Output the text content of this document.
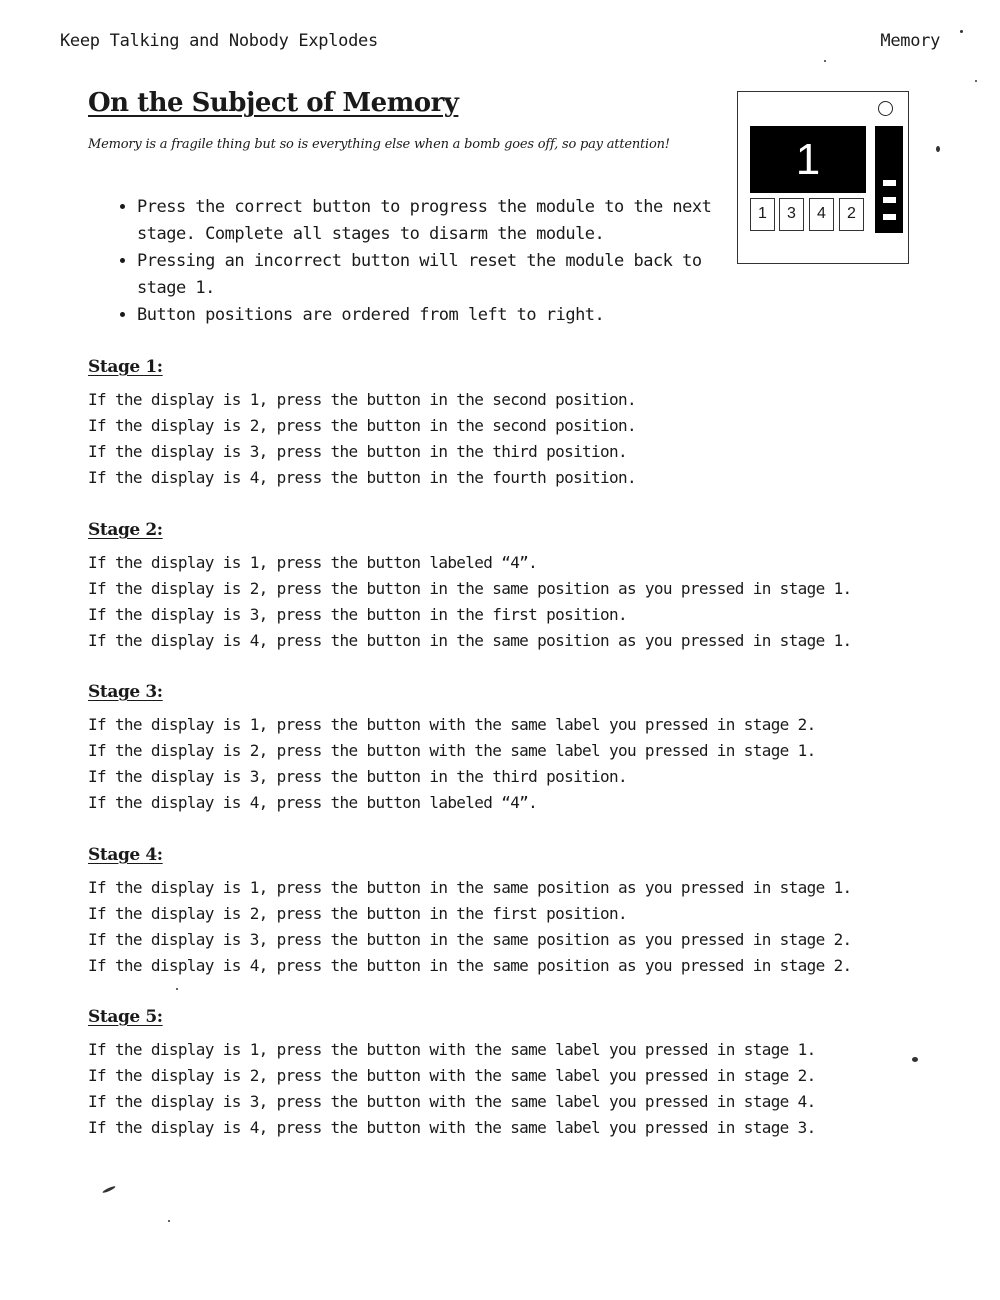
Keep Talking and Nobody Explodes	Memory
On the Subject of Memory

Memory is a fragile thing but so is everything else when a bomb goes off, so pay attention!

• Press the correct button to progress the module to the next stage. Complete all stages to disarm the module.
• Pressing an incorrect button will reset the module back to stage 1.
• Button positions are ordered from left to right.
1
1	3	4	2
Stage 1:
If the display is 1, press the button in the second position.
If the display is 2, press the button in the second position.
If the display is 3, press the button in the third position.
If the display is 4, press the button in the fourth position.
Stage 2:
If the display is 1, press the button labeled “4”.
If the display is 2, press the button in the same position as you pressed in stage 1.
If the display is 3, press the button in the first position.
If the display is 4, press the button in the same position as you pressed in stage 1.
Stage 3:
If the display is 1, press the button with the same label you pressed in stage 2.
If the display is 2, press the button with the same label you pressed in stage 1.
If the display is 3, press the button in the third position.
If the display is 4, press the button labeled “4”.
Stage 4:
If the display is 1, press the button in the same position as you pressed in stage 1.
If the display is 2, press the button in the first position.
If the display is 3, press the button in the same position as you pressed in stage 2.
If the display is 4, press the button in the same position as you pressed in stage 2.
Stage 5:
If the display is 1, press the button with the same label you pressed in stage 1.
If the display is 2, press the button with the same label you pressed in stage 2.
If the display is 3, press the button with the same label you pressed in stage 4.
If the display is 4, press the button with the same label you pressed in stage 3.
